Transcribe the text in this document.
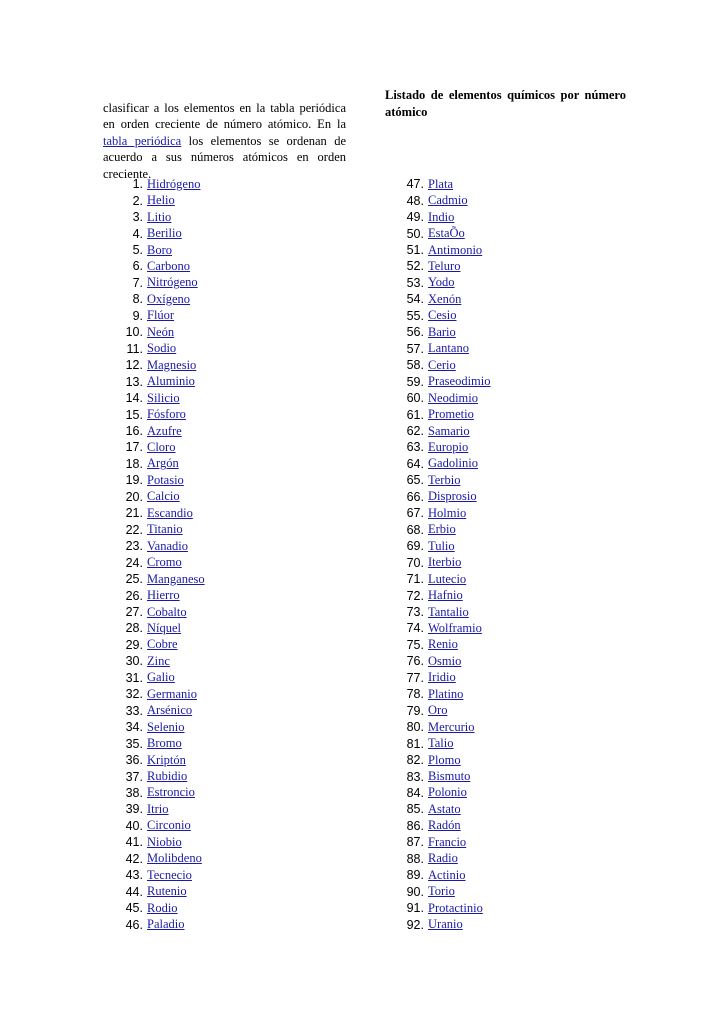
clasificar a los elementos en la tabla periódica en orden creciente de número atómico. En la tabla periódica los elementos se ordenan de acuerdo a sus números atómicos en orden creciente.

Listado de elementos químicos por número atómico
1. Hidrógeno
2. Helio
3. Litio
4. Berilio
5. Boro
6. Carbono
7. Nitrógeno
8. Oxígeno
9. Flúor
10. Neón
11. Sodio
12. Magnesio
13. Aluminio
14. Silicio
15. Fósforo
16. Azufre
17. Cloro
18. Argón
19. Potasio
20. Calcio
21. Escandio
22. Titanio
23. Vanadio
24. Cromo
25. Manganeso
26. Hierro
27. Cobalto
28. Níquel
29. Cobre
30. Zinc
31. Galio
32. Germanio
33. Arsénico
34. Selenio
35. Bromo
36. Kriptón
37. Rubidio
38. Estroncio
39. Itrio
40. Circonio
41. Niobio
42. Molibdeno
43. Tecnecio
44. Rutenio
45. Rodio
46. Paladio
47. Plata
48. Cadmio
49. Indio
50. EstaÕo
51. Antimonio
52. Teluro
53. Yodo
54. Xenón
55. Cesio
56. Bario
57. Lantano
58. Cerio
59. Praseodimio
60. Neodimio
61. Prometio
62. Samario
63. Europio
64. Gadolinio
65. Terbio
66. Disprosio
67. Holmio
68. Erbio
69. Tulio
70. Iterbio
71. Lutecio
72. Hafnio
73. Tantalio
74. Wolframio
75. Renio
76. Osmio
77. Iridio
78. Platino
79. Oro
80. Mercurio
81. Talio
82. Plomo
83. Bismuto
84. Polonio
85. Astato
86. Radón
87. Francio
88. Radio
89. Actinio
90. Torio
91. Protactinio
92. Uranio
